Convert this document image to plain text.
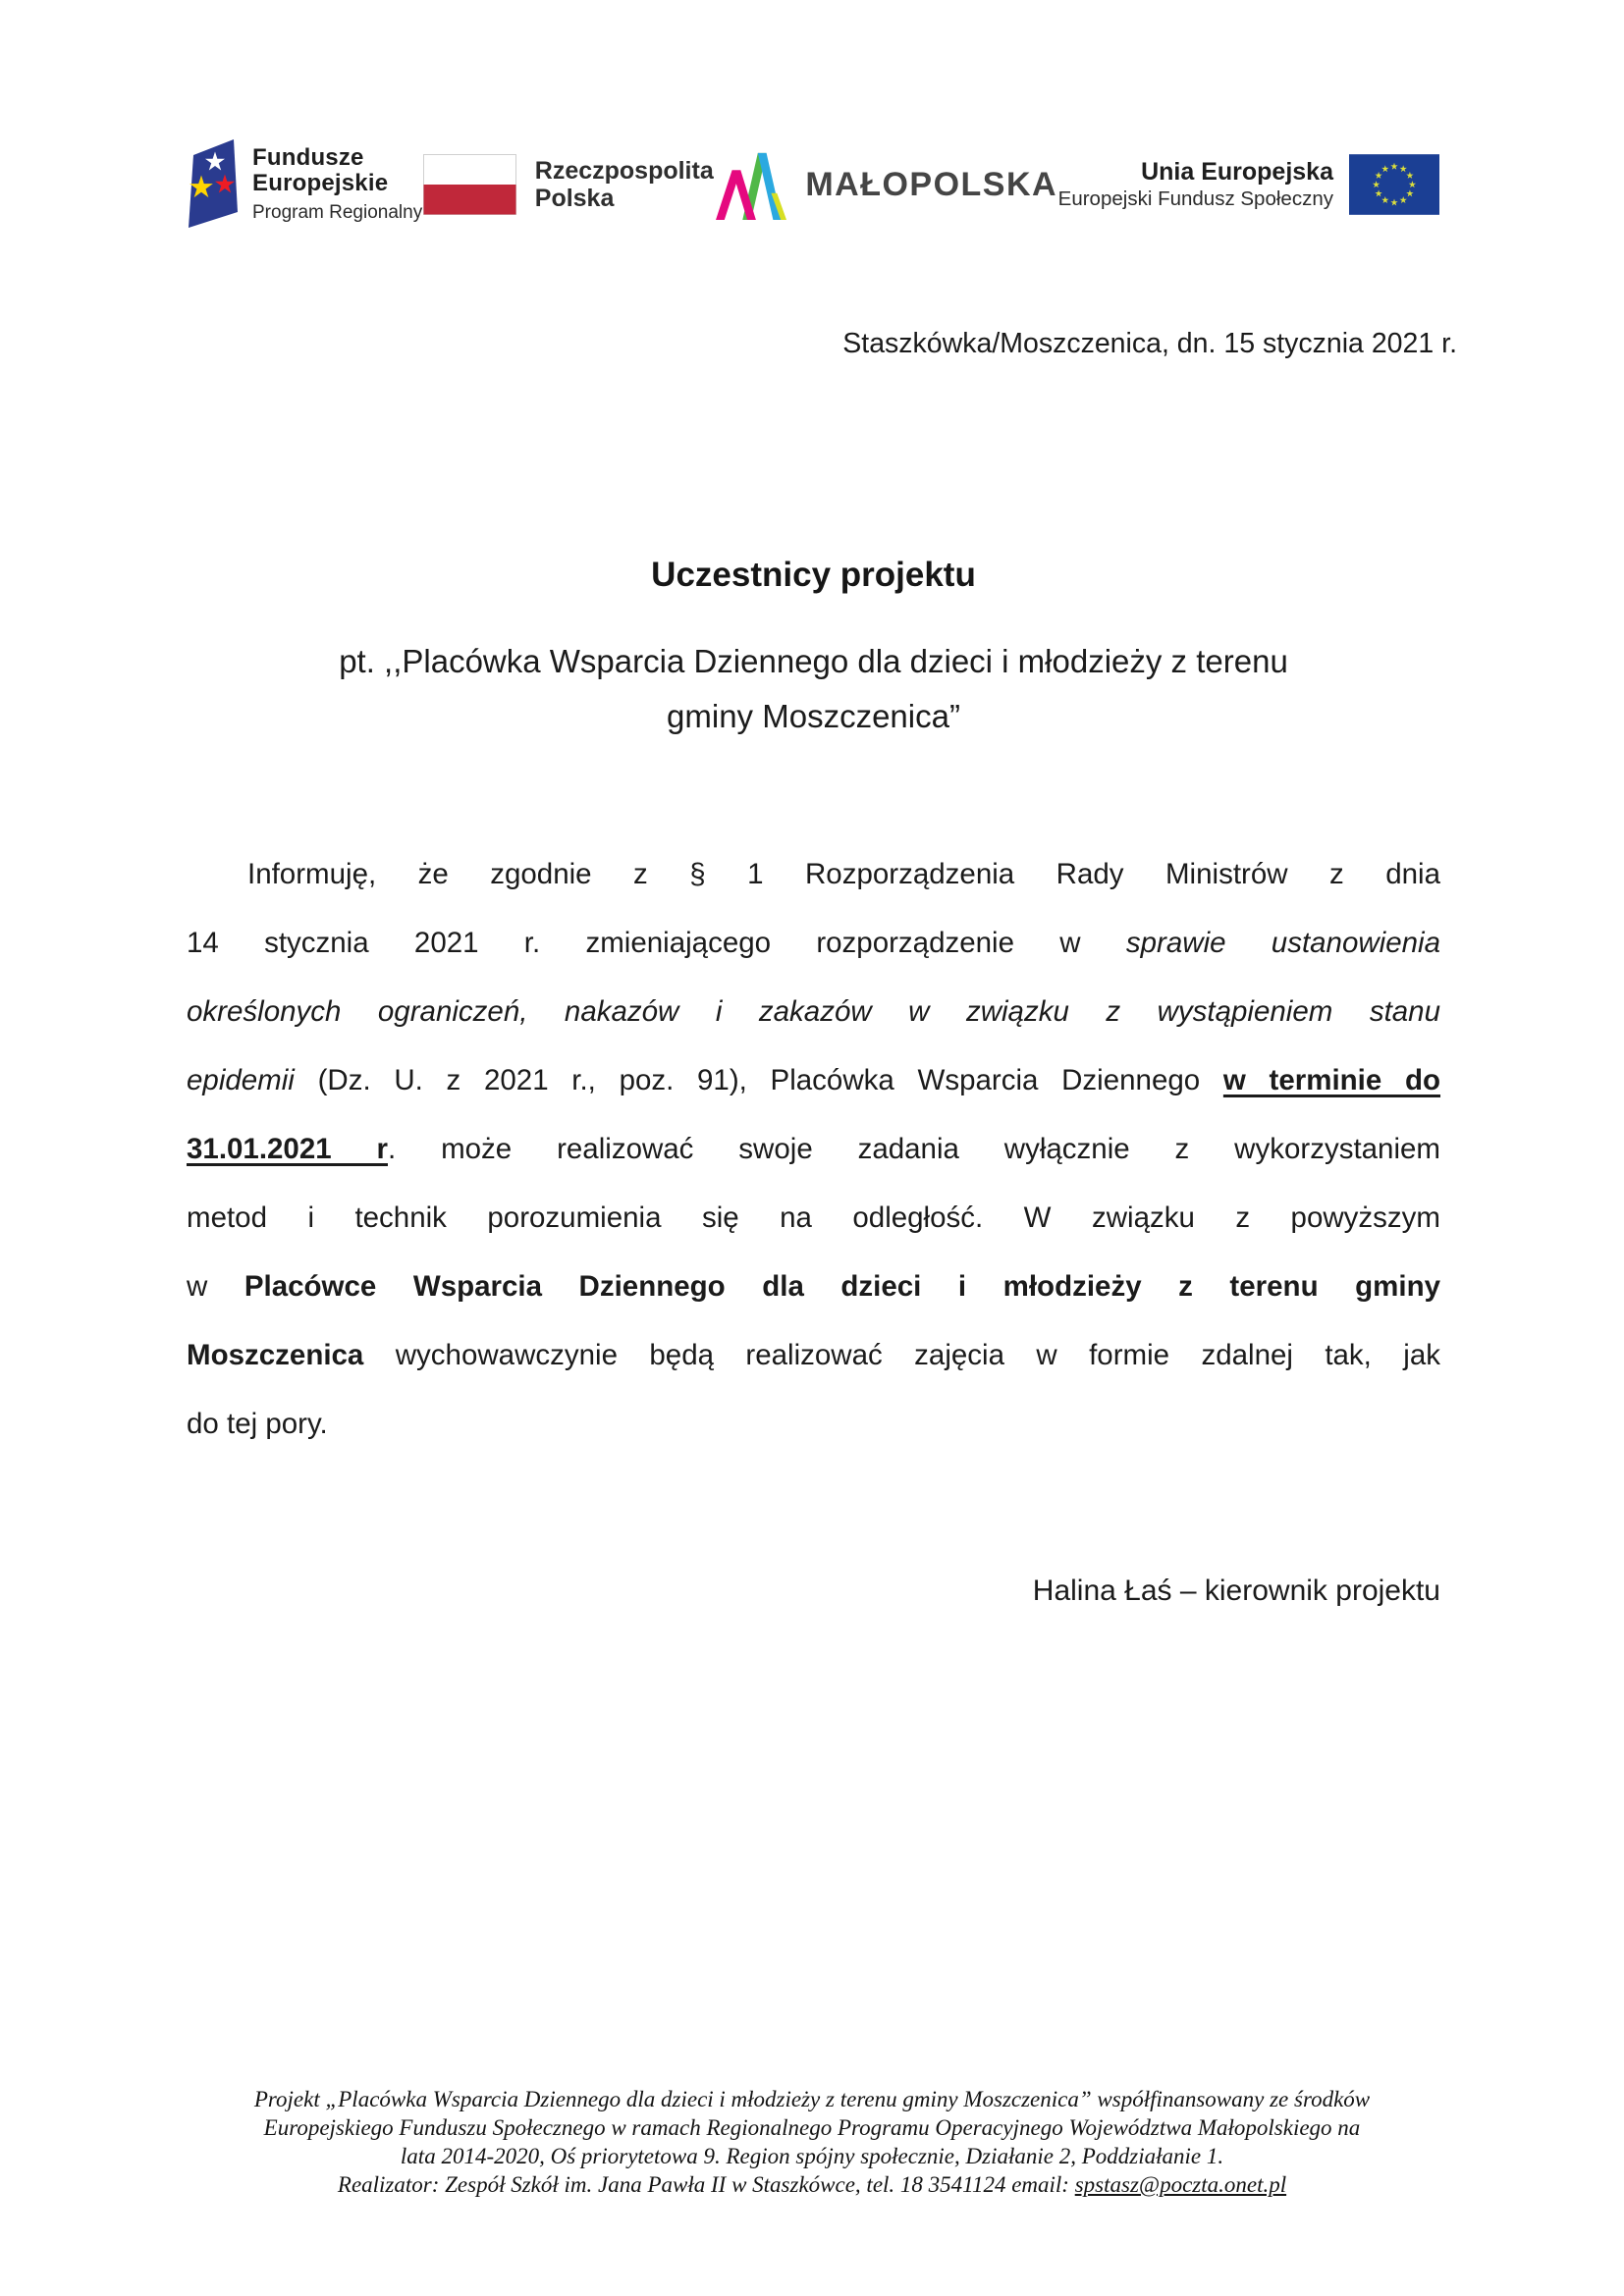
Fundusze
Europejskie
Program Regionalny
Rzeczpospolita
Polska	MAŁOPOLSKA	Unia Europejska
Europejski Fundusz Społeczny
Staszkówka/Moszczenica, dn. 15 stycznia 2021 r.
Uczestnicy projektu
pt. ,,Placówka Wsparcia Dziennego dla dzieci i młodzieży z terenu
gminy Moszczenica”
Informuję, że zgodnie z § 1 Rozporządzenia Rady Ministrów z dnia
14 stycznia 2021 r. zmieniającego rozporządzenie w sprawie ustanowienia
określonych ograniczeń, nakazów i zakazów w związku z wystąpieniem stanu
epidemii (Dz. U. z 2021 r., poz. 91), Placówka Wsparcia Dziennego w terminie do
31.01.2021 r. może realizować swoje zadania wyłącznie z wykorzystaniem
metod i technik porozumienia się na odległość. W związku z powyższym
w Placówce Wsparcia Dziennego dla dzieci i młodzieży z terenu gminy
Moszczenica wychowawczynie będą realizować zajęcia w formie zdalnej tak, jak
do tej pory.
Halina Łaś – kierownik projektu
Projekt „Placówka Wsparcia Dziennego dla dzieci i młodzieży z terenu gminy Moszczenica” współfinansowany ze środków
Europejskiego Funduszu Społecznego w ramach Regionalnego Programu Operacyjnego Województwa Małopolskiego na
lata 2014-2020, Oś priorytetowa 9. Region spójny społecznie, Działanie 2, Poddziałanie 1.
Realizator: Zespół Szkół im. Jana Pawła II w Staszkówce, tel. 18 3541124 email: spstasz@poczta.onet.pl
